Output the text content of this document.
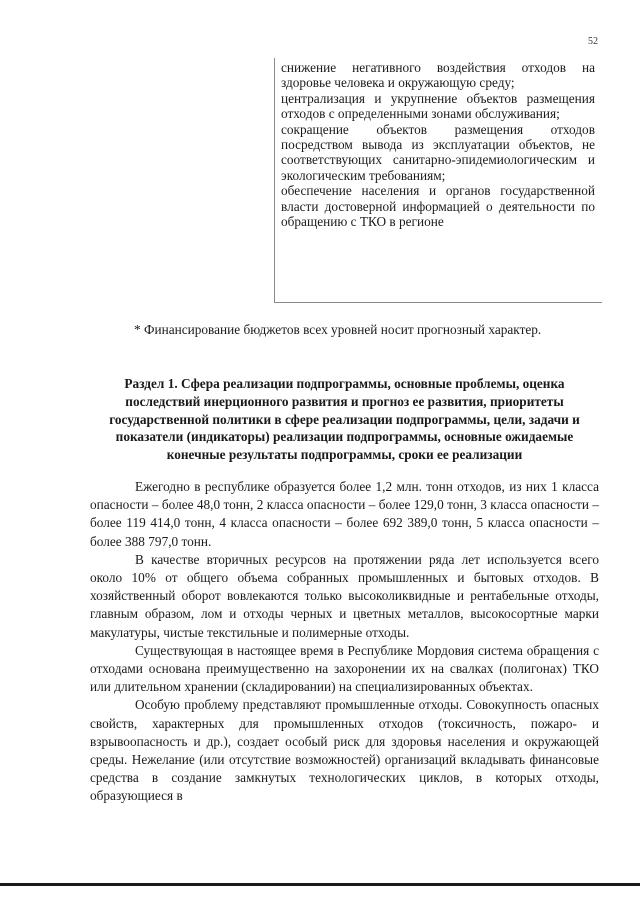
52

снижение негативного воздействия отходов на здоровье человека и окружающую среду;

централизация и укрупнение объектов размещения отходов с определенными зонами обслуживания;

сокращение объектов размещения отходов посредством вывода из эксплуатации объектов, не соответствующих санитарно-эпидемиологическим и экологическим требованиям;

обеспечение населения и органов государственной власти достоверной информацией о деятельности по обращению с ТКО в регионе

* Финансирование бюджетов всех уровней носит прогнозный характер.

Раздел 1. Сфера реализации подпрограммы, основные проблемы, оценка последствий инерционного развития и прогноз ее развития, приоритеты государственной политики в сфере реализации подпрограммы, цели, задачи и показатели (индикаторы) реализации подпрограммы, основные ожидаемые конечные результаты подпрограммы, сроки ее реализации

Ежегодно в республике образуется более 1,2 млн. тонн отходов, из них 1 класса опасности – более 48,0 тонн, 2 класса опасности – более 129,0 тонн, 3 класса опасности – более 119 414,0 тонн, 4 класса опасности – более 692 389,0 тонн, 5 класса опасности – более 388 797,0 тонн.

В качестве вторичных ресурсов на протяжении ряда лет используется всего около 10% от общего объема собранных промышленных и бытовых отходов. В хозяйственный оборот вовлекаются только высоколиквидные и рентабельные отходы, главным образом, лом и отходы черных и цветных металлов, высокосортные марки макулатуры, чистые текстильные и полимерные отходы.

Существующая в настоящее время в Республике Мордовия система обращения с отходами основана преимущественно на захоронении их на свалках (полигонах) ТКО или длительном хранении (складировании) на специализированных объектах.

Особую проблему представляют промышленные отходы. Совокупность опасных свойств, характерных для промышленных отходов (токсичность, пожаро- и взрывоопасность и др.), создает особый риск для здоровья населения и окружающей среды. Нежелание (или отсутствие возможностей) организаций вкладывать финансовые средства в создание замкнутых технологических циклов, в которых отходы, образующиеся в
